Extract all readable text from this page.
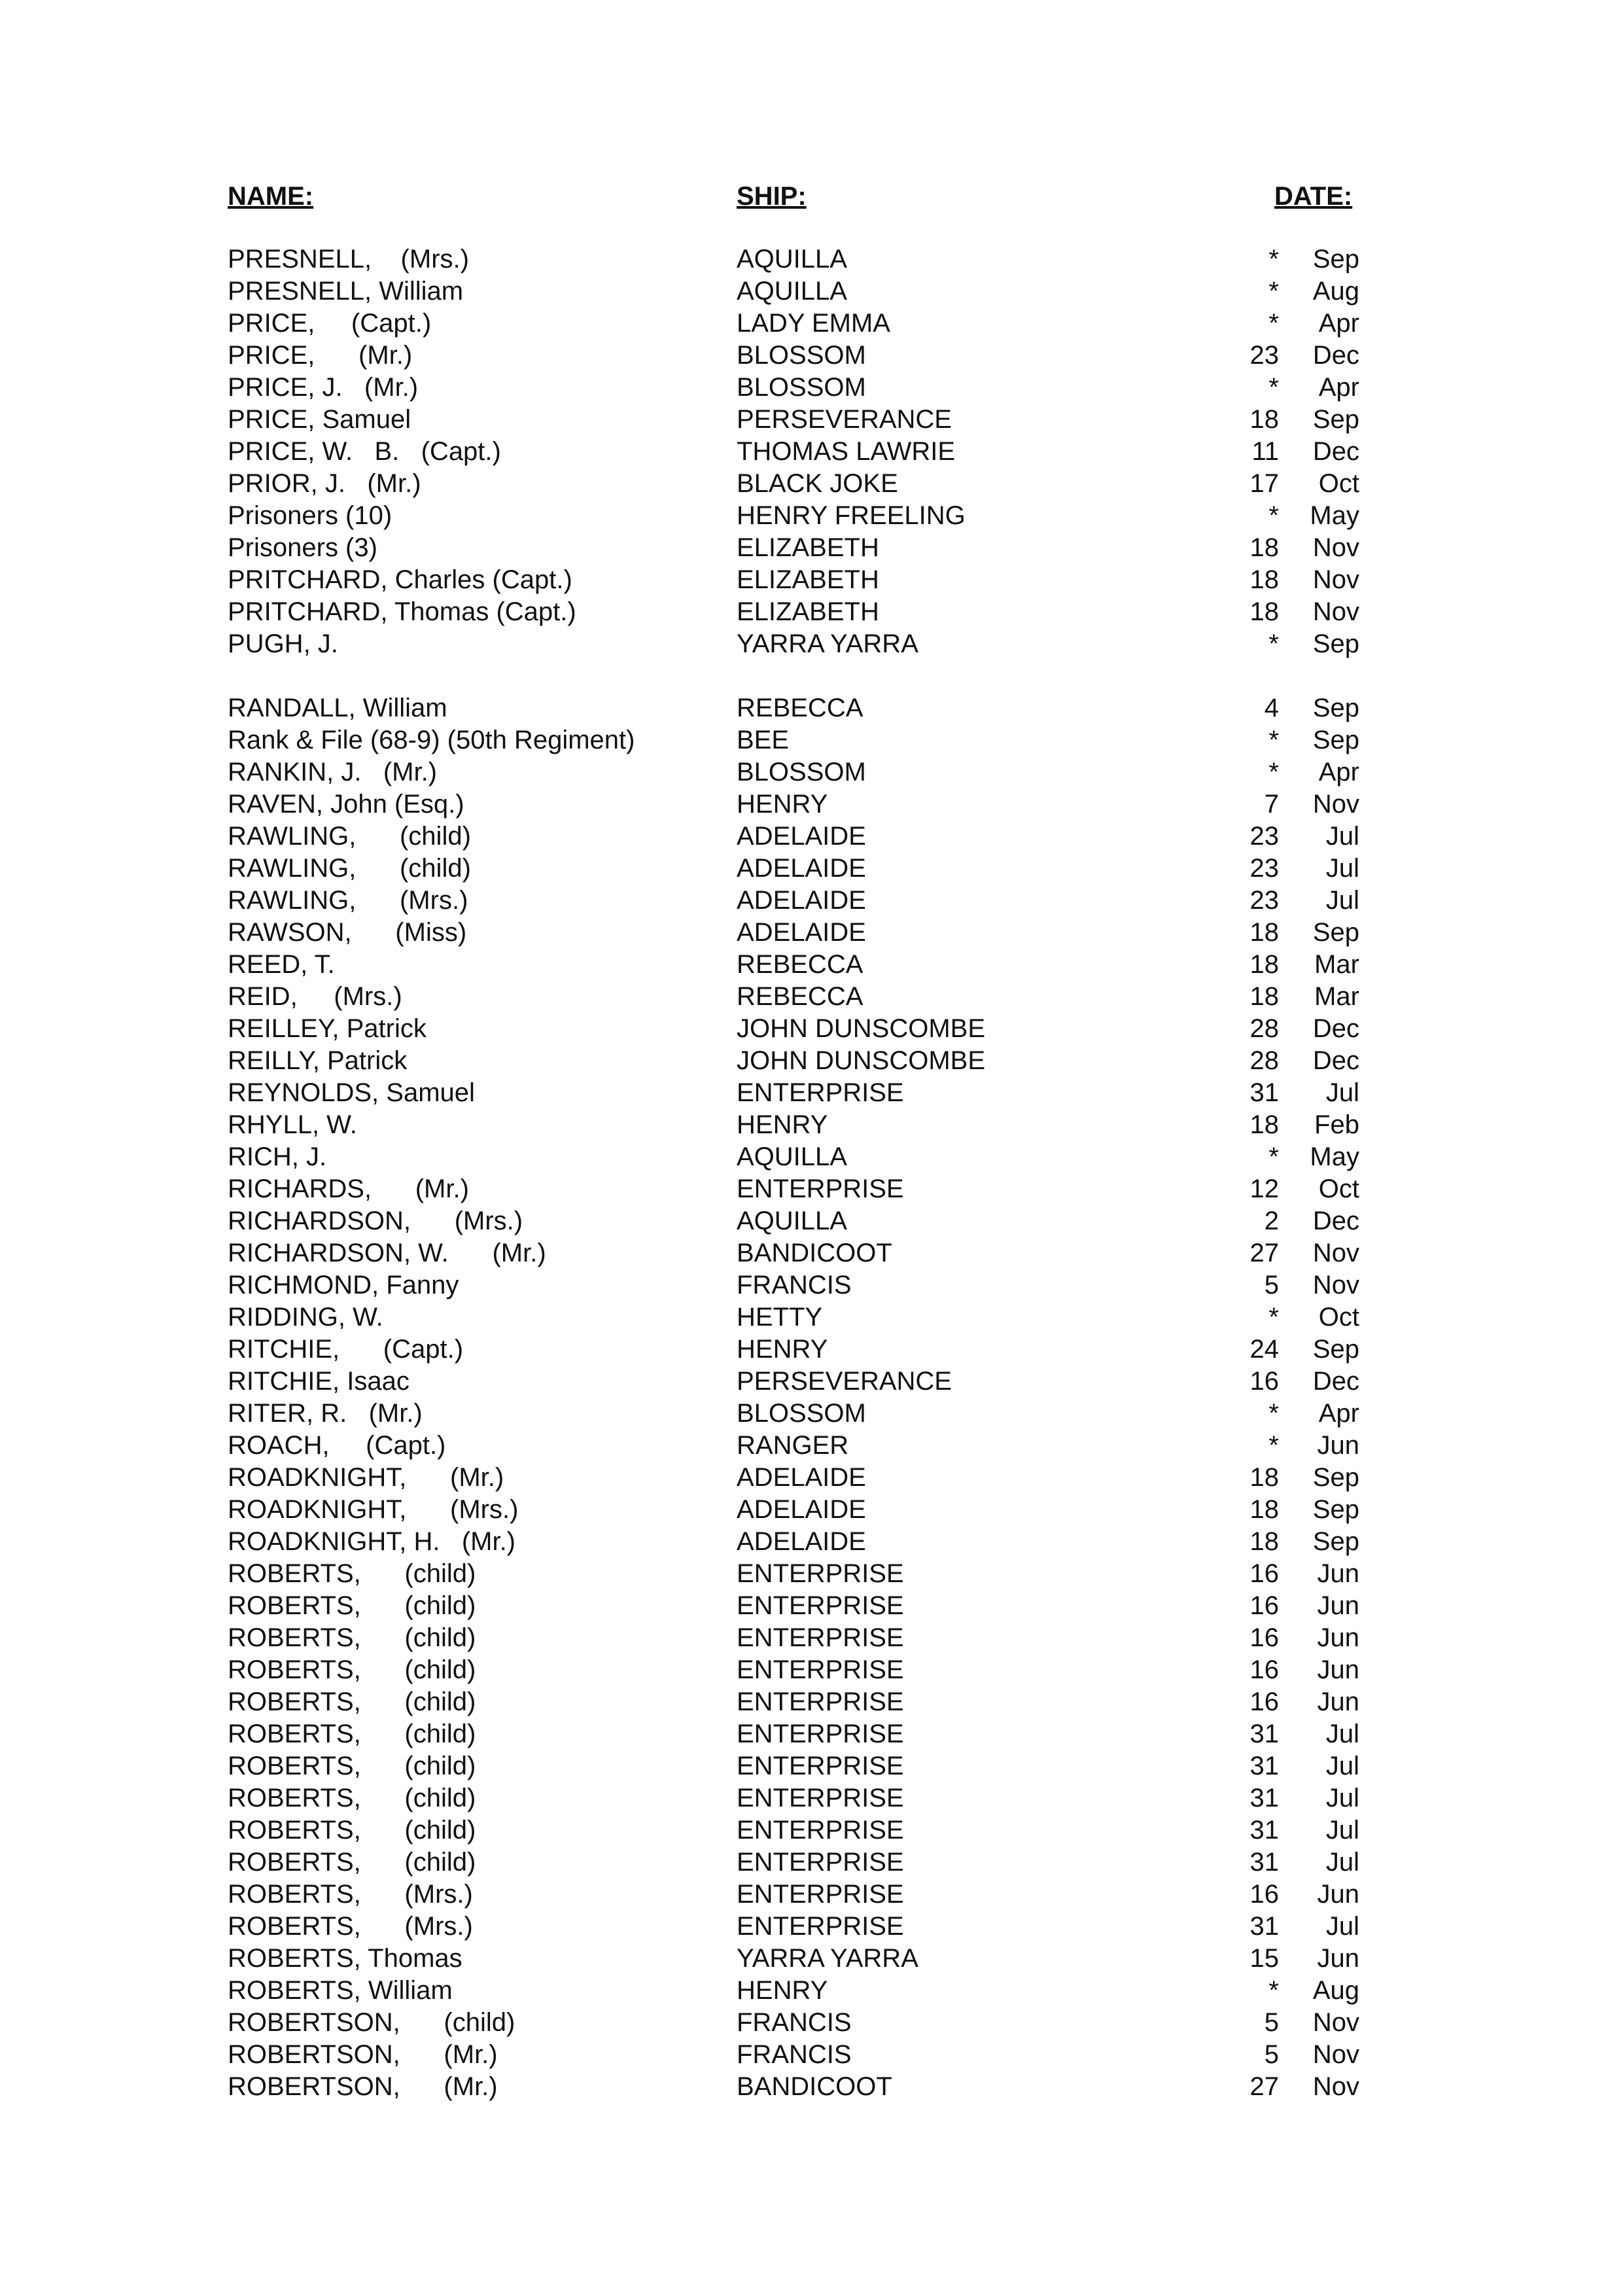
NAME:	SHIP:	DATE:
PRESNELL,    (Mrs.)	AQUILLA	*	Sep
PRESNELL, William	AQUILLA	*	Aug
PRICE,     (Capt.)	LADY EMMA	*	Apr
PRICE,      (Mr.)	BLOSSOM	23	Dec
PRICE, J.   (Mr.)	BLOSSOM	*	Apr
PRICE, Samuel	PERSEVERANCE	18	Sep
PRICE, W.   B.   (Capt.)	THOMAS LAWRIE	11	Dec
PRIOR, J.   (Mr.)	BLACK JOKE	17	Oct
Prisoners (10)	HENRY FREELING	*	May
Prisoners (3)	ELIZABETH	18	Nov
PRITCHARD, Charles (Capt.)	ELIZABETH	18	Nov
PRITCHARD, Thomas (Capt.)	ELIZABETH	18	Nov
PUGH, J.	YARRA YARRA	*	Sep
RANDALL, William	REBECCA	4	Sep
Rank & File (68-9) (50th Regiment)	BEE	*	Sep
RANKIN, J.   (Mr.)	BLOSSOM	*	Apr
RAVEN, John (Esq.)	HENRY	7	Nov
RAWLING,      (child)	ADELAIDE	23	Jul
RAWLING,      (child)	ADELAIDE	23	Jul
RAWLING,      (Mrs.)	ADELAIDE	23	Jul
RAWSON,      (Miss)	ADELAIDE	18	Sep
REED, T.	REBECCA	18	Mar
REID,     (Mrs.)	REBECCA	18	Mar
REILLEY, Patrick	JOHN DUNSCOMBE	28	Dec
REILLY, Patrick	JOHN DUNSCOMBE	28	Dec
REYNOLDS, Samuel	ENTERPRISE	31	Jul
RHYLL, W.	HENRY	18	Feb
RICH, J.	AQUILLA	*	May
RICHARDS,      (Mr.)	ENTERPRISE	12	Oct
RICHARDSON,      (Mrs.)	AQUILLA	2	Dec
RICHARDSON, W.      (Mr.)	BANDICOOT	27	Nov
RICHMOND, Fanny	FRANCIS	5	Nov
RIDDING, W.	HETTY	*	Oct
RITCHIE,      (Capt.)	HENRY	24	Sep
RITCHIE, Isaac	PERSEVERANCE	16	Dec
RITER, R.   (Mr.)	BLOSSOM	*	Apr
ROACH,     (Capt.)	RANGER	*	Jun
ROADKNIGHT,      (Mr.)	ADELAIDE	18	Sep
ROADKNIGHT,      (Mrs.)	ADELAIDE	18	Sep
ROADKNIGHT, H.   (Mr.)	ADELAIDE	18	Sep
ROBERTS,      (child)	ENTERPRISE	16	Jun
ROBERTS,      (child)	ENTERPRISE	16	Jun
ROBERTS,      (child)	ENTERPRISE	16	Jun
ROBERTS,      (child)	ENTERPRISE	16	Jun
ROBERTS,      (child)	ENTERPRISE	16	Jun
ROBERTS,      (child)	ENTERPRISE	31	Jul
ROBERTS,      (child)	ENTERPRISE	31	Jul
ROBERTS,      (child)	ENTERPRISE	31	Jul
ROBERTS,      (child)	ENTERPRISE	31	Jul
ROBERTS,      (child)	ENTERPRISE	31	Jul
ROBERTS,      (Mrs.)	ENTERPRISE	16	Jun
ROBERTS,      (Mrs.)	ENTERPRISE	31	Jul
ROBERTS, Thomas	YARRA YARRA	15	Jun
ROBERTS, William	HENRY	*	Aug
ROBERTSON,      (child)	FRANCIS	5	Nov
ROBERTSON,      (Mr.)	FRANCIS	5	Nov
ROBERTSON,      (Mr.)	BANDICOOT	27	Nov
